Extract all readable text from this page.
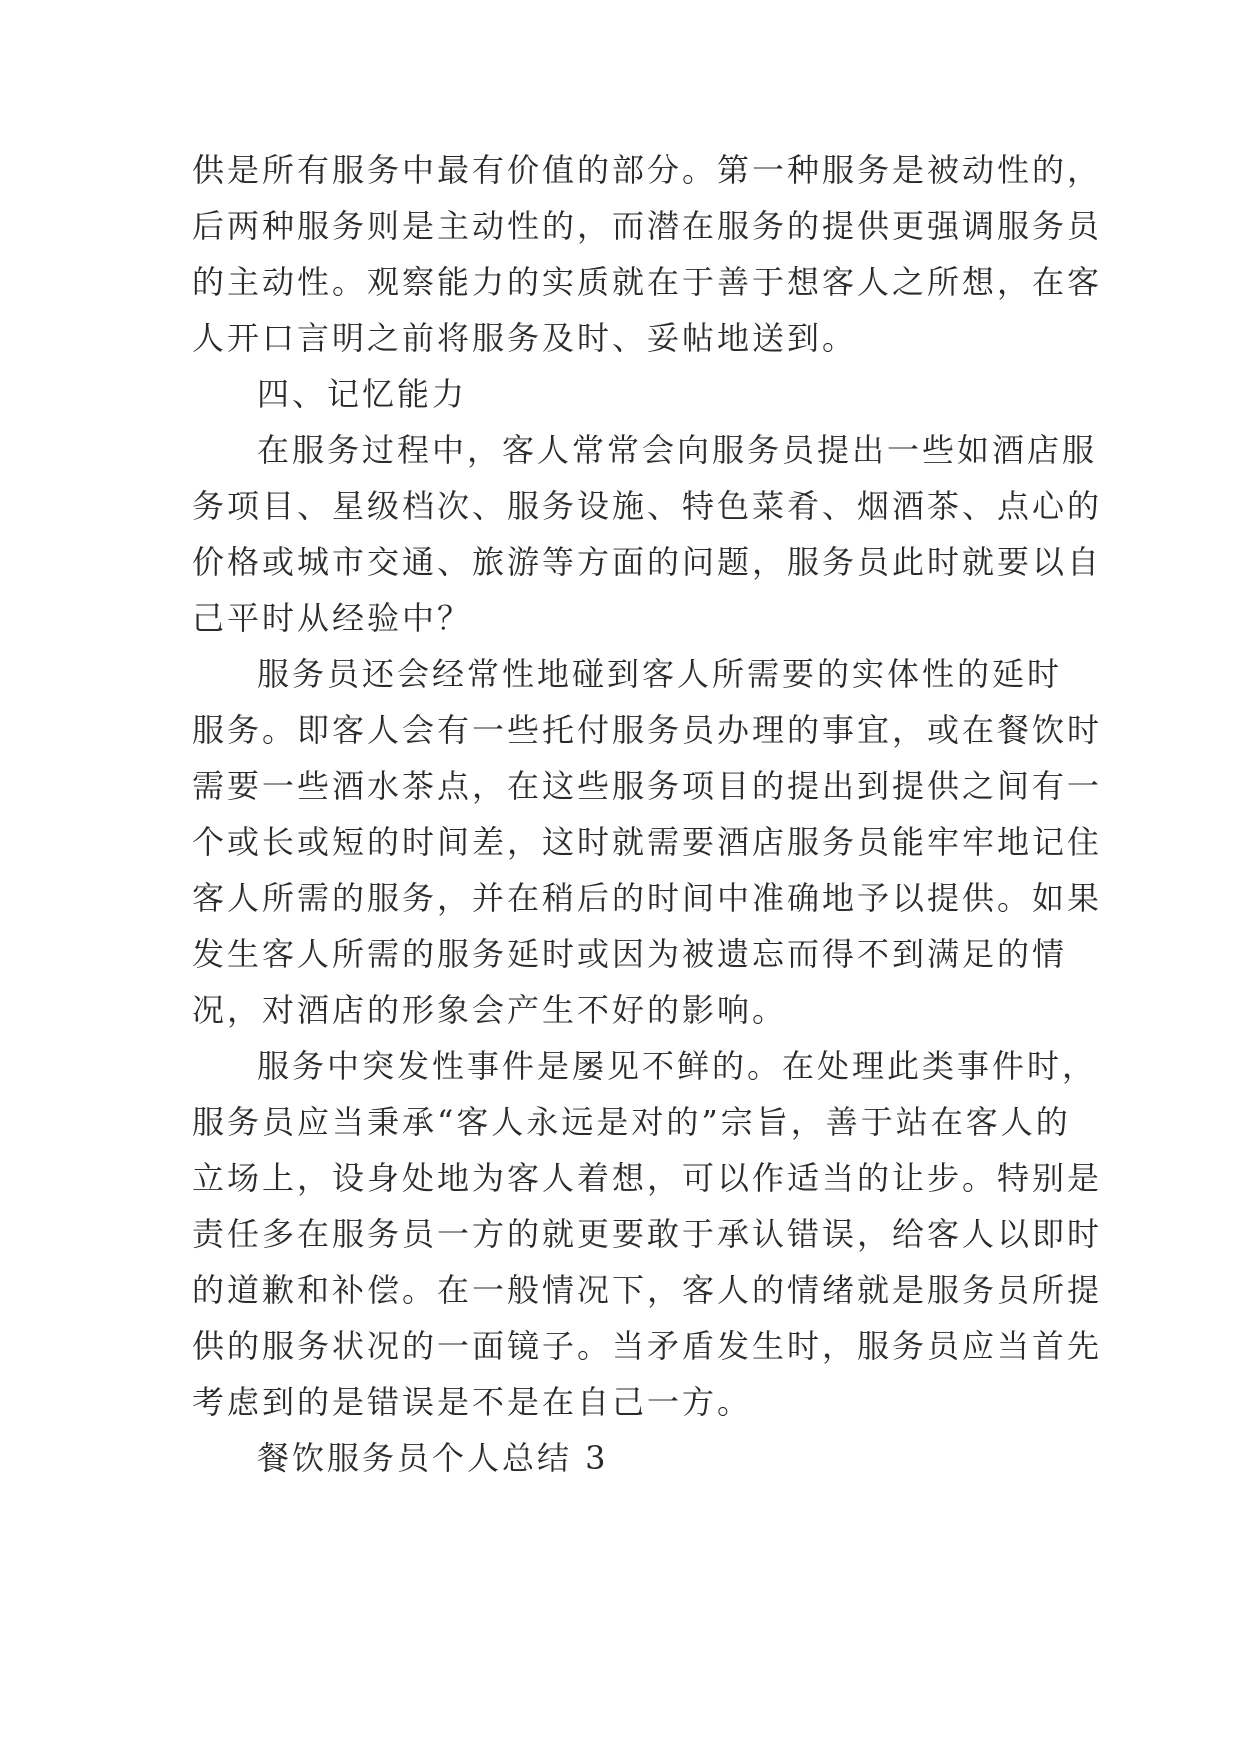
供是所有服务中最有价值的部分。第一种服务是被动性的，
后两种服务则是主动性的，而潜在服务的提供更强调服务员
的主动性。观察能力的实质就在于善于想客人之所想，在客
人开口言明之前将服务及时、妥帖地送到。
四、记忆能力
在服务过程中，客人常常会向服务员提出一些如酒店服
务项目、星级档次、服务设施、特色菜肴、烟酒茶、点心的
价格或城市交通、旅游等方面的问题，服务员此时就要以自
己平时从经验中？
服务员还会经常性地碰到客人所需要的实体性的延时
服务。即客人会有一些托付服务员办理的事宜，或在餐饮时
需要一些酒水茶点，在这些服务项目的提出到提供之间有一
个或长或短的时间差，这时就需要酒店服务员能牢牢地记住
客人所需的服务，并在稍后的时间中准确地予以提供。如果
发生客人所需的服务延时或因为被遗忘而得不到满足的情
况，对酒店的形象会产生不好的影响。
服务中突发性事件是屡见不鲜的。在处理此类事件时，
服务员应当秉承“客人永远是对的”宗旨，善于站在客人的
立场上，设身处地为客人着想，可以作适当的让步。特别是
责任多在服务员一方的就更要敢于承认错误，给客人以即时
的道歉和补偿。在一般情况下，客人的情绪就是服务员所提
供的服务状况的一面镜子。当矛盾发生时，服务员应当首先
考虑到的是错误是不是在自己一方。
餐饮服务员个人总结 3
